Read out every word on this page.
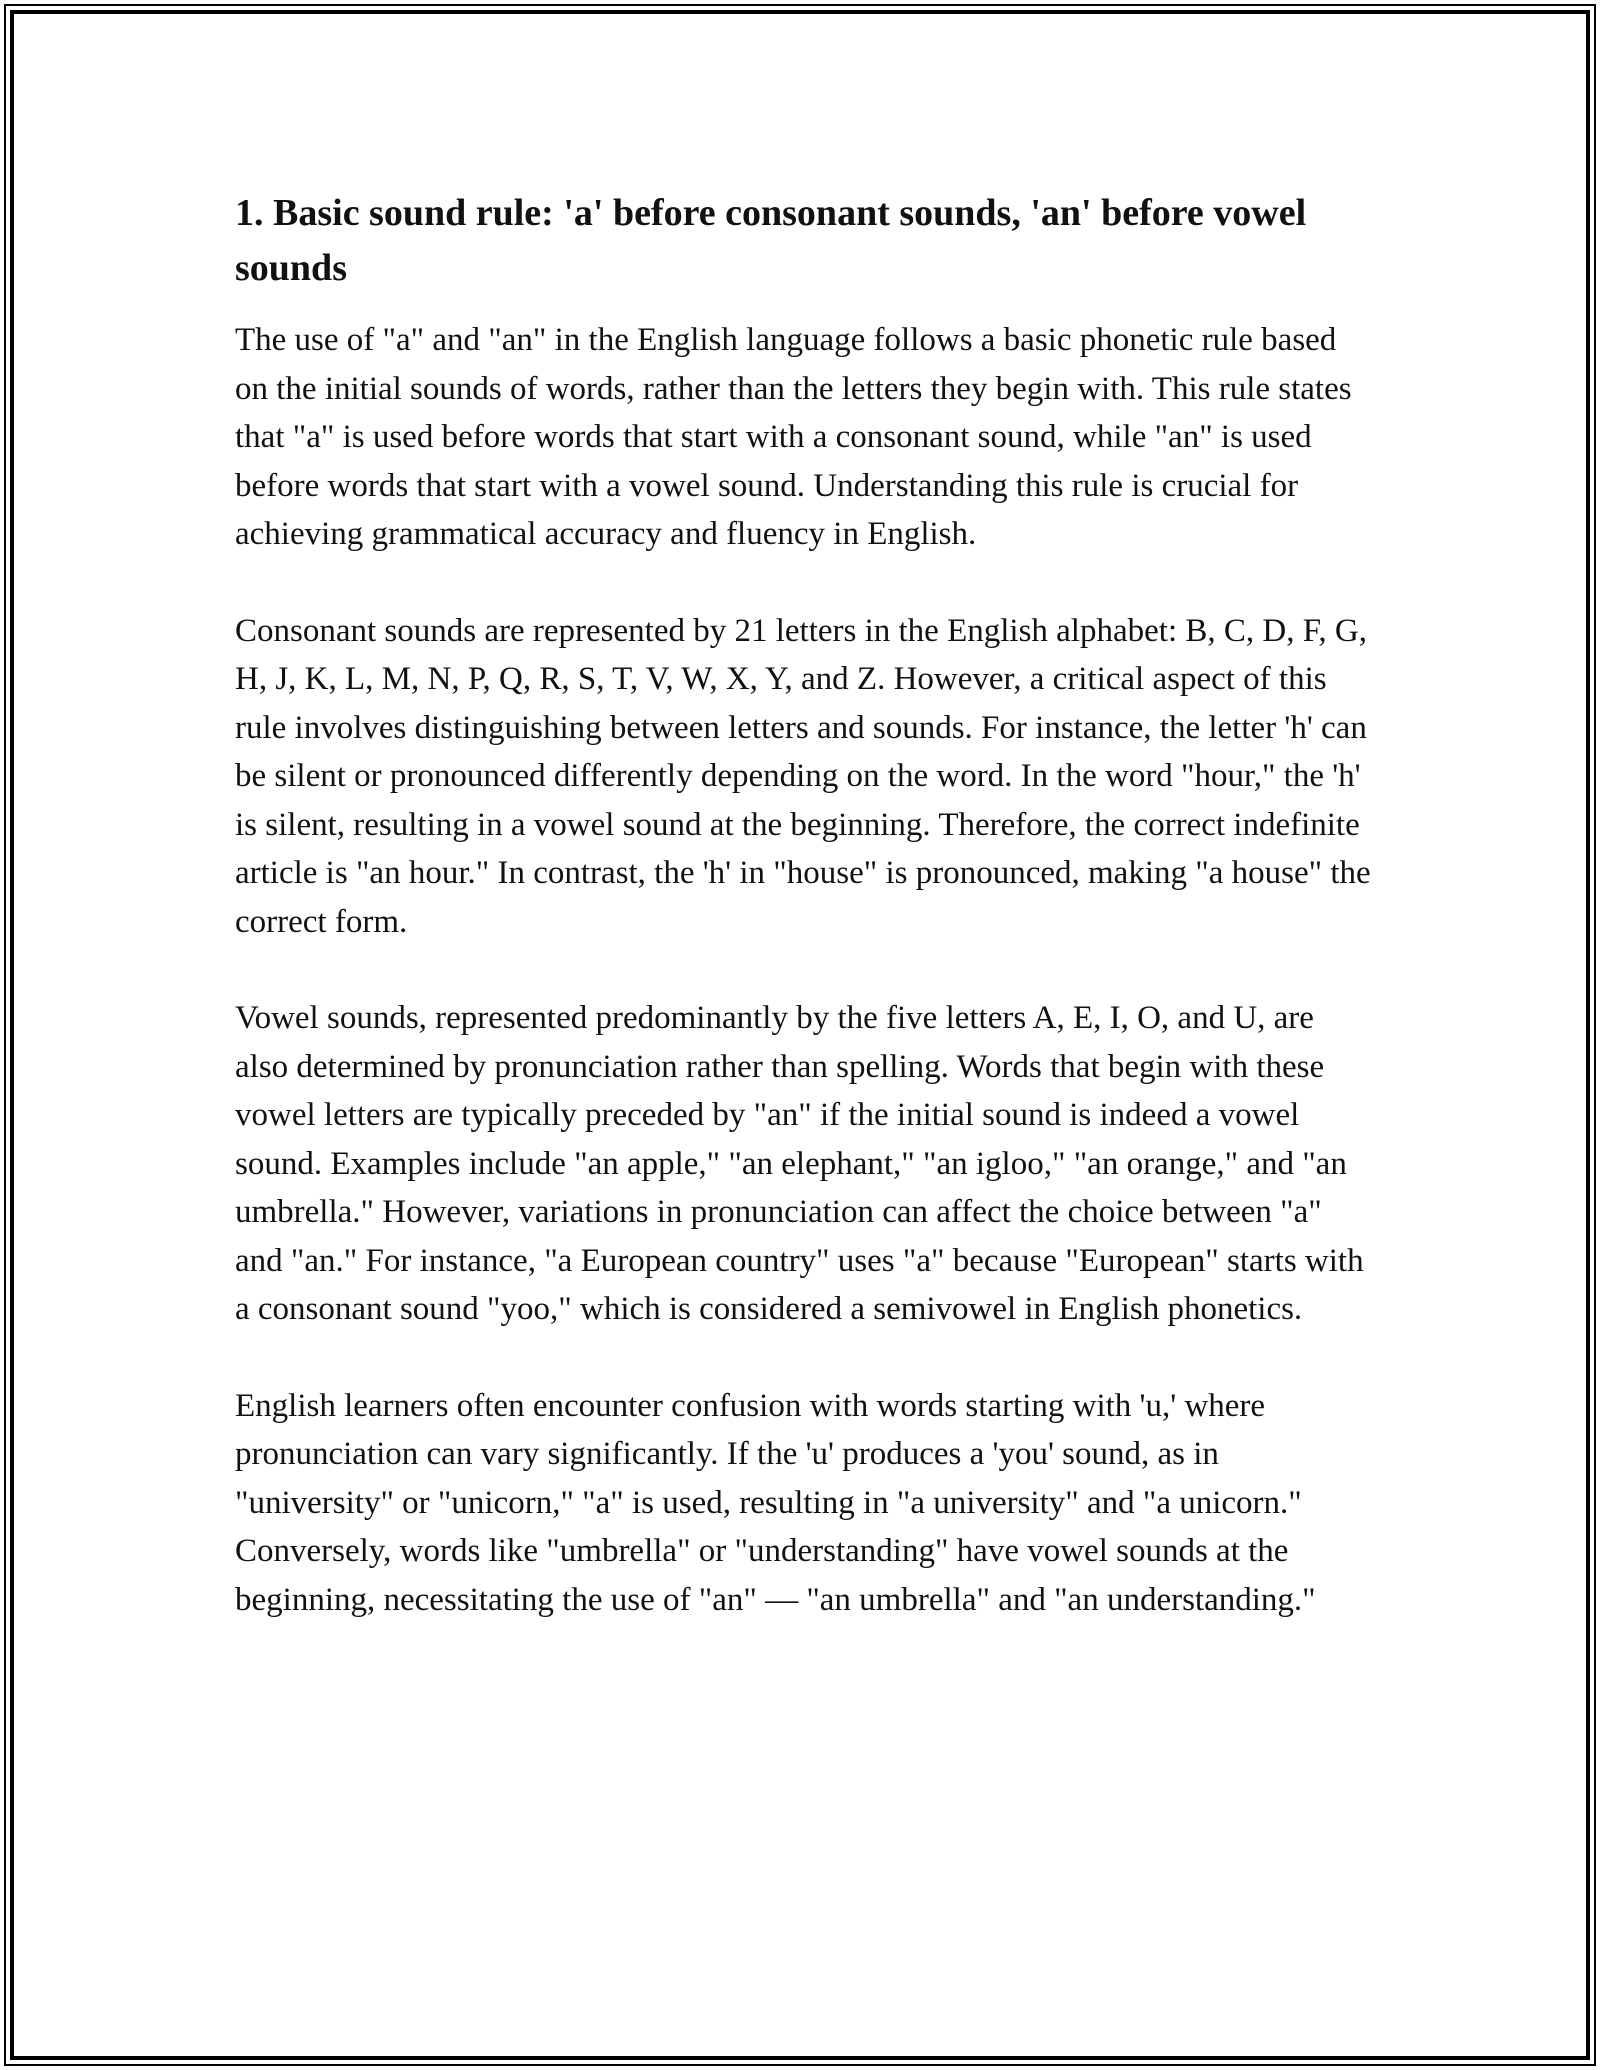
1. Basic sound rule: 'a' before consonant sounds, 'an' before vowel sounds

The use of "a" and "an" in the English language follows a basic phonetic rule based on the initial sounds of words, rather than the letters they begin with. This rule states that "a" is used before words that start with a consonant sound, while "an" is used before words that start with a vowel sound. Understanding this rule is crucial for achieving grammatical accuracy and fluency in English.

Consonant sounds are represented by 21 letters in the English alphabet: B, C, D, F, G, H, J, K, L, M, N, P, Q, R, S, T, V, W, X, Y, and Z. However, a critical aspect of this rule involves distinguishing between letters and sounds. For instance, the letter 'h' can be silent or pronounced differently depending on the word. In the word "hour," the 'h' is silent, resulting in a vowel sound at the beginning. Therefore, the correct indefinite article is "an hour." In contrast, the 'h' in "house" is pronounced, making "a house" the correct form.

Vowel sounds, represented predominantly by the five letters A, E, I, O, and U, are also determined by pronunciation rather than spelling. Words that begin with these vowel letters are typically preceded by "an" if the initial sound is indeed a vowel sound. Examples include "an apple," "an elephant," "an igloo," "an orange," and "an umbrella." However, variations in pronunciation can affect the choice between "a" and "an." For instance, "a European country" uses "a" because "European" starts with a consonant sound "yoo," which is considered a semivowel in English phonetics.

English learners often encounter confusion with words starting with 'u,' where pronunciation can vary significantly. If the 'u' produces a 'you' sound, as in "university" or "unicorn," "a" is used, resulting in "a university" and "a unicorn." Conversely, words like "umbrella" or "understanding" have vowel sounds at the beginning, necessitating the use of "an" — "an umbrella" and "an understanding."
